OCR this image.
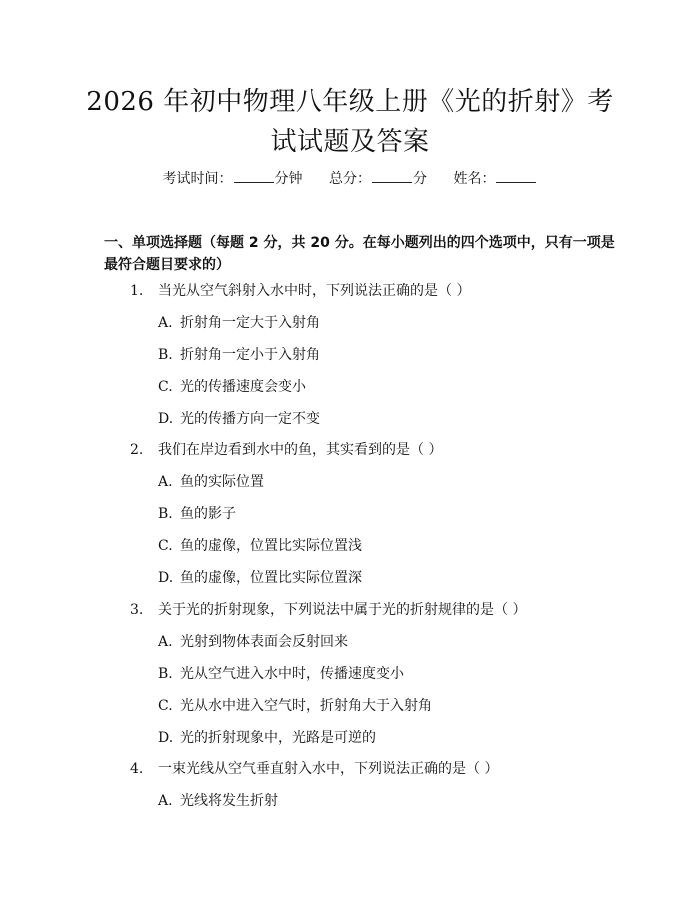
2026 年初中物理八年级上册《光的折射》考
试试题及答案
考试时间：	分钟 总分：	分 姓名：
一、单项选择题（每题 2 分，共 20 分。在每小题列出的四个选项中，只有一项是
最符合题目要求的）
1. 当光从空气斜射入水中时，下列说法正确的是（ ）
A. 折射角一定大于入射角
B. 折射角一定小于入射角
C. 光的传播速度会变小
D. 光的传播方向一定不变
2. 我们在岸边看到水中的鱼，其实看到的是（ ）
A. 鱼的实际位置
B. 鱼的影子
C. 鱼的虚像，位置比实际位置浅
D. 鱼的虚像，位置比实际位置深
3. 关于光的折射现象，下列说法中属于光的折射规律的是（ ）
A. 光射到物体表面会反射回来
B. 光从空气进入水中时，传播速度变小
C. 光从水中进入空气时，折射角大于入射角
D. 光的折射现象中，光路是可逆的
4. 一束光线从空气垂直射入水中，下列说法正确的是（ ）
A. 光线将发生折射
